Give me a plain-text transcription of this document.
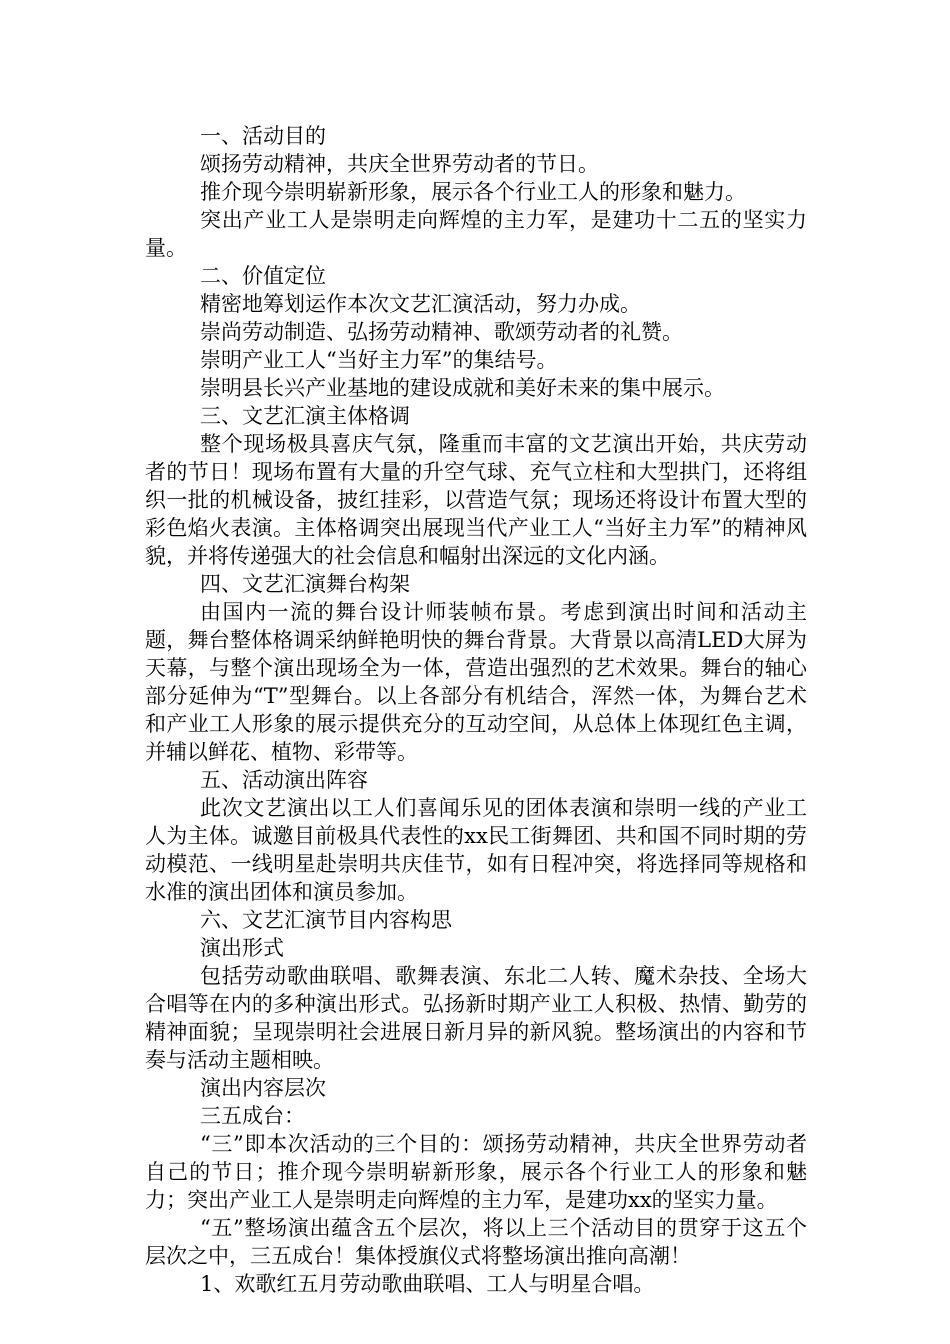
一、活动目的

颂扬劳动精神，共庆全世界劳动者的节日。

推介现今崇明崭新形象，展示各个行业工人的形象和魅力。

突出产业工人是崇明走向辉煌的主力军，是建功十二五的坚实力量。

二、价值定位

精密地筹划运作本次文艺汇演活动，努力办成。

崇尚劳动制造、弘扬劳动精神、歌颂劳动者的礼赞。

崇明产业工人“当好主力军”的集结号。

崇明县长兴产业基地的建设成就和美好未来的集中展示。

三、文艺汇演主体格调

整个现场极具喜庆气氛，隆重而丰富的文艺演出开始，共庆劳动者的节日！现场布置有大量的升空气球、充气立柱和大型拱门，还将组织一批的机械设备，披红挂彩，以营造气氛；现场还将设计布置大型的彩色焰火表演。主体格调突出展现当代产业工人“当好主力军”的精神风貌，并将传递强大的社会信息和幅射出深远的文化内涵。

四、文艺汇演舞台构架

由国内一流的舞台设计师装帧布景。考虑到演出时间和活动主题，舞台整体格调采纳鲜艳明快的舞台背景。大背景以高清LED大屏为天幕，与整个演出现场全为一体，营造出强烈的艺术效果。舞台的轴心部分延伸为“T”型舞台。以上各部分有机结合，浑然一体，为舞台艺术和产业工人形象的展示提供充分的互动空间，从总体上体现红色主调，并辅以鲜花、植物、彩带等。

五、活动演出阵容

此次文艺演出以工人们喜闻乐见的团体表演和崇明一线的产业工人为主体。诚邀目前极具代表性的xx民工街舞团、共和国不同时期的劳动模范、一线明星赴崇明共庆佳节，如有日程冲突，将选择同等规格和水准的演出团体和演员参加。

六、文艺汇演节目内容构思

演出形式

包括劳动歌曲联唱、歌舞表演、东北二人转、魔术杂技、全场大合唱等在内的多种演出形式。弘扬新时期产业工人积极、热情、勤劳的精神面貌；呈现崇明社会进展日新月异的新风貌。整场演出的内容和节奏与活动主题相映。

演出内容层次

三五成台：

“三”即本次活动的三个目的：颂扬劳动精神，共庆全世界劳动者自己的节日；推介现今崇明崭新形象，展示各个行业工人的形象和魅力；突出产业工人是崇明走向辉煌的主力军，是建功xx的坚实力量。

“五”整场演出蕴含五个层次，将以上三个活动目的贯穿于这五个层次之中，三五成台！集体授旗仪式将整场演出推向高潮！

1、欢歌红五月劳动歌曲联唱、工人与明星合唱。
